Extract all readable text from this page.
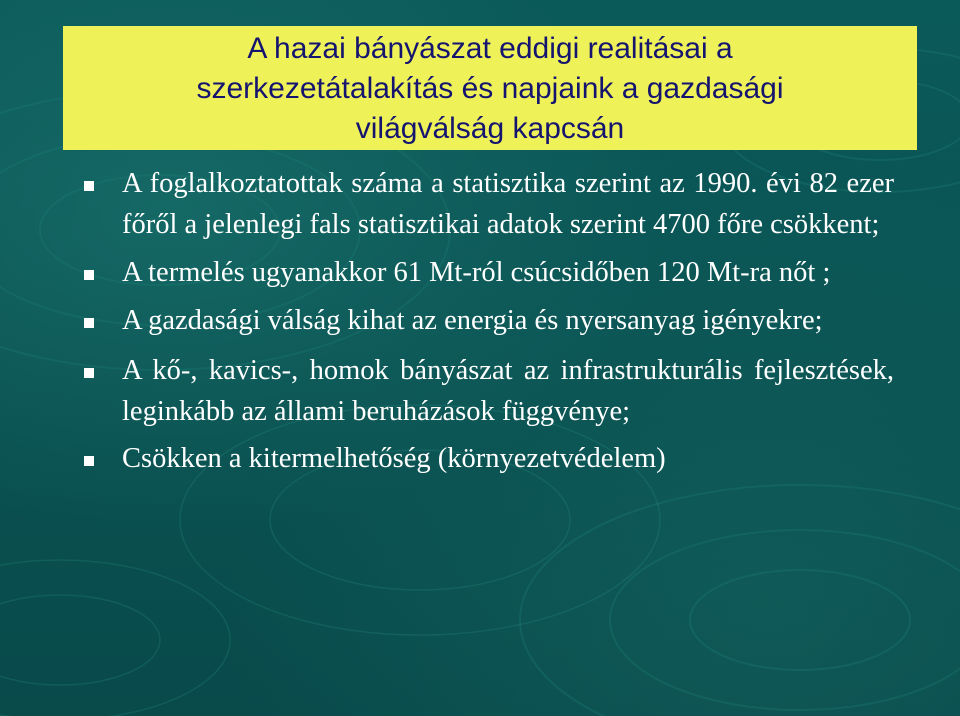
A hazai bányászat eddigi realitásai a
szerkezetátalakítás és napjaink a gazdasági
világválság kapcsán
A foglalkoztatottak száma a statisztika szerint az 1990. évi 82 ezer főről a jelenlegi fals statisztikai adatok szerint 4700 főre csökkent;
A termelés ugyanakkor 61 Mt-ról csúcsidőben 120 Mt-ra nőt ;
A gazdasági válság kihat az energia és nyersanyag igényekre;
A kő-, kavics-, homok bányászat az infrastrukturális fejlesztések, leginkább az állami beruházások függvénye;
Csökken a kitermelhetőség (környezetvédelem)
